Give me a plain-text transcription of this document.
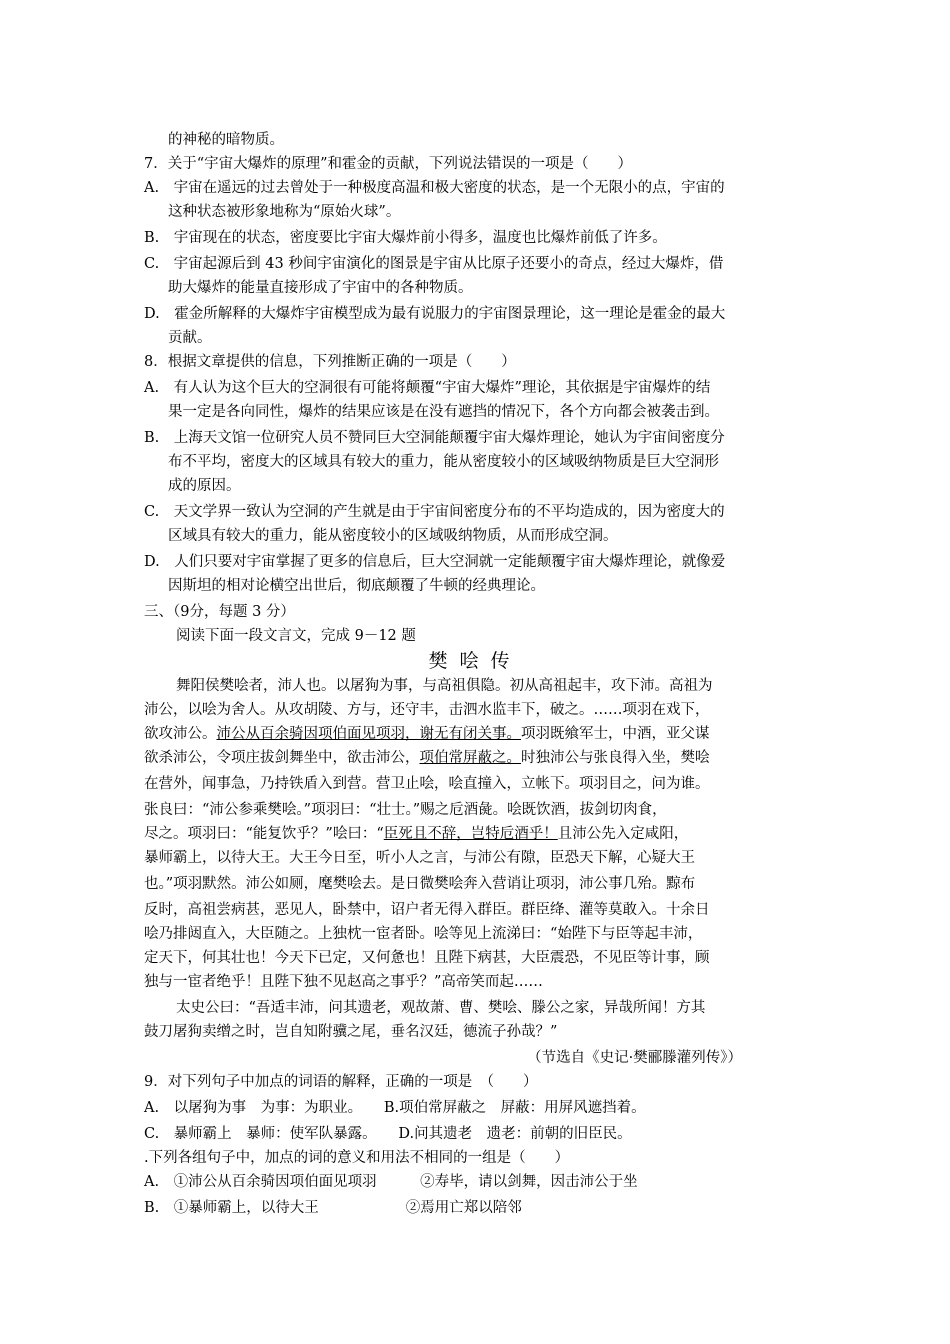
的神秘的暗物质。
7．关于“宇宙大爆炸的原理”和霍金的贡献，下列说法错误的一项是（　　）
A.　宇宙在遥远的过去曾处于一种极度高温和极大密度的状态，是一个无限小的点，宇宙的
这种状态被形象地称为“原始火球”。
B.　宇宙现在的状态，密度要比宇宙大爆炸前小得多，温度也比爆炸前低了许多。
C.　宇宙起源后到 43 秒间宇宙演化的图景是宇宙从比原子还要小的奇点，经过大爆炸，借
助大爆炸的能量直接形成了宇宙中的各种物质。
D.　霍金所解释的大爆炸宇宙模型成为最有说服力的宇宙图景理论，这一理论是霍金的最大
贡献。
8．根据文章提供的信息，下列推断正确的一项是（　　）
A.　有人认为这个巨大的空洞很有可能将颠覆“宇宙大爆炸”理论，其依据是宇宙爆炸的结
果一定是各向同性，爆炸的结果应该是在没有遮挡的情况下，各个方向都会被袭击到。
B.　上海天文馆一位研究人员不赞同巨大空洞能颠覆宇宙大爆炸理论，她认为宇宙间密度分
布不平均，密度大的区域具有较大的重力，能从密度较小的区域吸纳物质是巨大空洞形
成的原因。
C.　天文学界一致认为空洞的产生就是由于宇宙间密度分布的不平均造成的，因为密度大的
区域具有较大的重力，能从密度较小的区域吸纳物质，从而形成空洞。
D.　人们只要对宇宙掌握了更多的信息后，巨大空洞就一定能颠覆宇宙大爆炸理论，就像爱
因斯坦的相对论横空出世后，彻底颠覆了牛顿的经典理论。
三、（9分，每题 3 分）
阅读下面一段文言文，完成 9－12 题
樊哙传
舞阳侯樊哙者，沛人也。以屠狗为事，与高祖俱隐。初从高祖起丰，攻下沛。高祖为
沛公，以哙为舍人。从攻胡陵、方与，还守丰，击泗水监丰下，破之。……项羽在戏下，
欲攻沛公。沛公从百余骑因项伯面见项羽，谢无有闭关事。项羽既飨军士，中酒，亚父谋
欲杀沛公，令项庄拔剑舞坐中，欲击沛公，项伯常屏蔽之。时独沛公与张良得入坐，樊哙
在营外，闻事急，乃持铁盾入到营。营卫止哙，哙直撞入，立帐下。项羽目之，问为谁。
张良曰：“沛公参乘樊哙。”项羽曰：“壮士。”赐之卮酒彘。哙既饮酒，拔剑切肉食，
尽之。项羽曰：“能复饮乎？”哙曰：“臣死且不辞，岂特卮酒乎！且沛公先入定咸阳，
暴师霸上，以待大王。大王今日至，听小人之言，与沛公有隙，臣恐天下解，心疑大王
也。”项羽默然。沛公如厕，麾樊哙去。是日微樊哙奔入营诮让项羽，沛公事几殆。黥布
反时，高祖尝病甚，恶见人，卧禁中，诏户者无得入群臣。群臣绛、灌等莫敢入。十余日
哙乃排闼直入，大臣随之。上独枕一宦者卧。哙等见上流涕曰：“始陛下与臣等起丰沛，
定天下，何其壮也！今天下已定，又何惫也！且陛下病甚，大臣震恐，不见臣等计事，顾
独与一宦者绝乎！且陛下独不见赵高之事乎？”高帝笑而起……
太史公曰：“吾适丰沛，问其遗老，观故萧、曹、樊哙、滕公之家，异哉所闻！方其
鼓刀屠狗卖缯之时，岂自知附骥之尾，垂名汉廷，德流子孙哉？”
（节选自《史记·樊郦滕灌列传》）
9．对下列句子中加点的词语的解释，正确的一项是　（　　）
A.　以屠狗为事　为事：为职业。　　B.项伯常屏蔽之　屏蔽：用屏风遮挡着。
C.　暴师霸上　暴师：使军队暴露。　　D.问其遗老　遗老：前朝的旧臣民。
.下列各组句子中，加点的词的意义和用法不相同的一组是（　　）
A.　①沛公从百余骑因项伯面见项羽　　　②寿毕，请以剑舞，因击沛公于坐
B.　①暴师霸上，以待大王　　　　　　②焉用亡郑以陪邻
